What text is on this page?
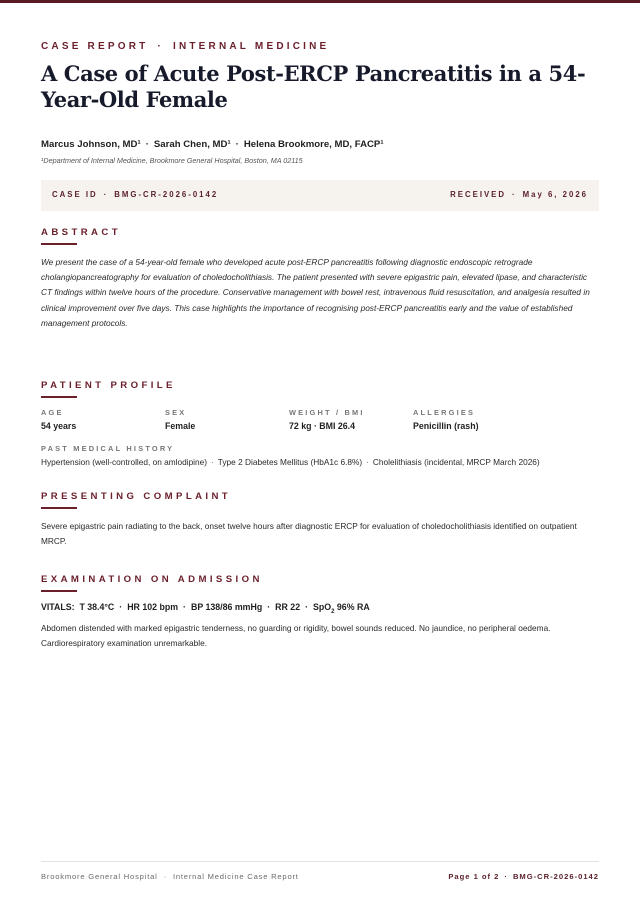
CASE REPORT · INTERNAL MEDICINE
A Case of Acute Post-ERCP Pancreatitis in a 54-Year-Old Female
Marcus Johnson, MD¹ · Sarah Chen, MD¹ · Helena Brookmore, MD, FACP¹
¹Department of Internal Medicine, Brookmore General Hospital, Boston, MA 02115
CASE ID · BMG-CR-2026-0142	RECEIVED · May 6, 2026
ABSTRACT
We present the case of a 54-year-old female who developed acute post-ERCP pancreatitis following diagnostic endoscopic retrograde cholangiopancreatography for evaluation of choledocholithiasis. The patient presented with severe epigastric pain, elevated lipase, and characteristic CT findings within twelve hours of the procedure. Conservative management with bowel rest, intravenous fluid resuscitation, and analgesia resulted in clinical improvement over five days. This case highlights the importance of recognising post-ERCP pancreatitis early and the value of established management protocols.
PATIENT PROFILE
AGE
54 years
SEX
Female
WEIGHT / BMI
72 kg · BMI 26.4
ALLERGIES
Penicillin (rash)
PAST MEDICAL HISTORY
Hypertension (well-controlled, on amlodipine) · Type 2 Diabetes Mellitus (HbA1c 6.8%) · Cholelithiasis (incidental, MRCP March 2026)
PRESENTING COMPLAINT
Severe epigastric pain radiating to the back, onset twelve hours after diagnostic ERCP for evaluation of choledocholithiasis identified on outpatient MRCP.
EXAMINATION ON ADMISSION
VITALS: T 38.4°C · HR 102 bpm · BP 138/86 mmHg · RR 22 · SpO$_2$ 96% RA
Abdomen distended with marked epigastric tenderness, no guarding or rigidity, bowel sounds reduced. No jaundice, no peripheral oedema. Cardiorespiratory examination unremarkable.
Brookmore General Hospital · Internal Medicine Case Report	Page 1 of 2 · BMG-CR-2026-0142
